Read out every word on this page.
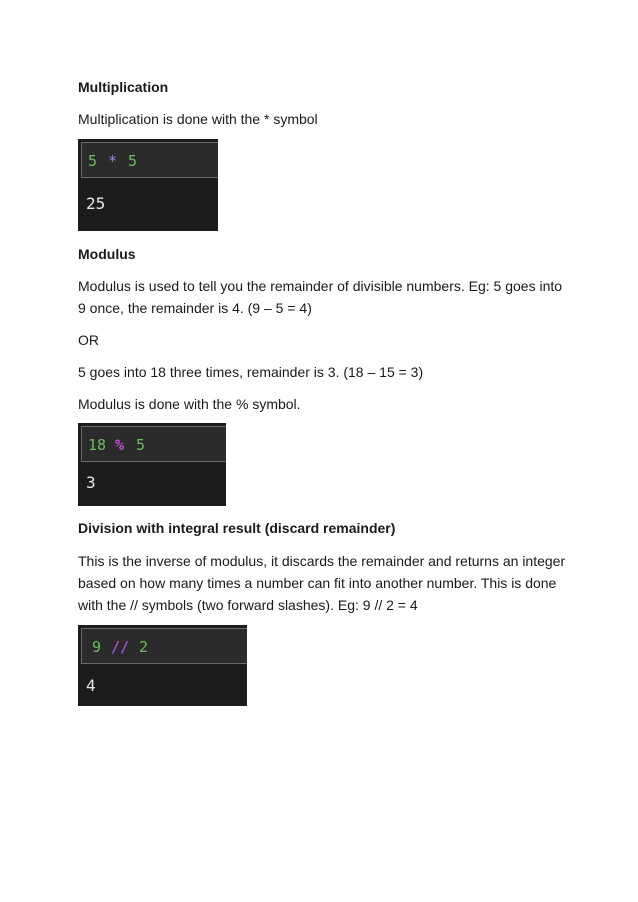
Multiplication
Multiplication is done with the * symbol
5 * 5
25
Modulus
Modulus is used to tell you the remainder of divisible numbers. Eg: 5 goes into
9 once, the remainder is 4. (9 – 5 = 4)
OR
5 goes into 18 three times, remainder is 3. (18 – 15 = 3)
Modulus is done with the % symbol.
18 % 5
3
Division with integral result (discard remainder)
This is the inverse of modulus, it discards the remainder and returns an integer
based on how many times a number can fit into another number. This is done
with the // symbols (two forward slashes). Eg: 9 // 2 = 4
9 // 2
4
